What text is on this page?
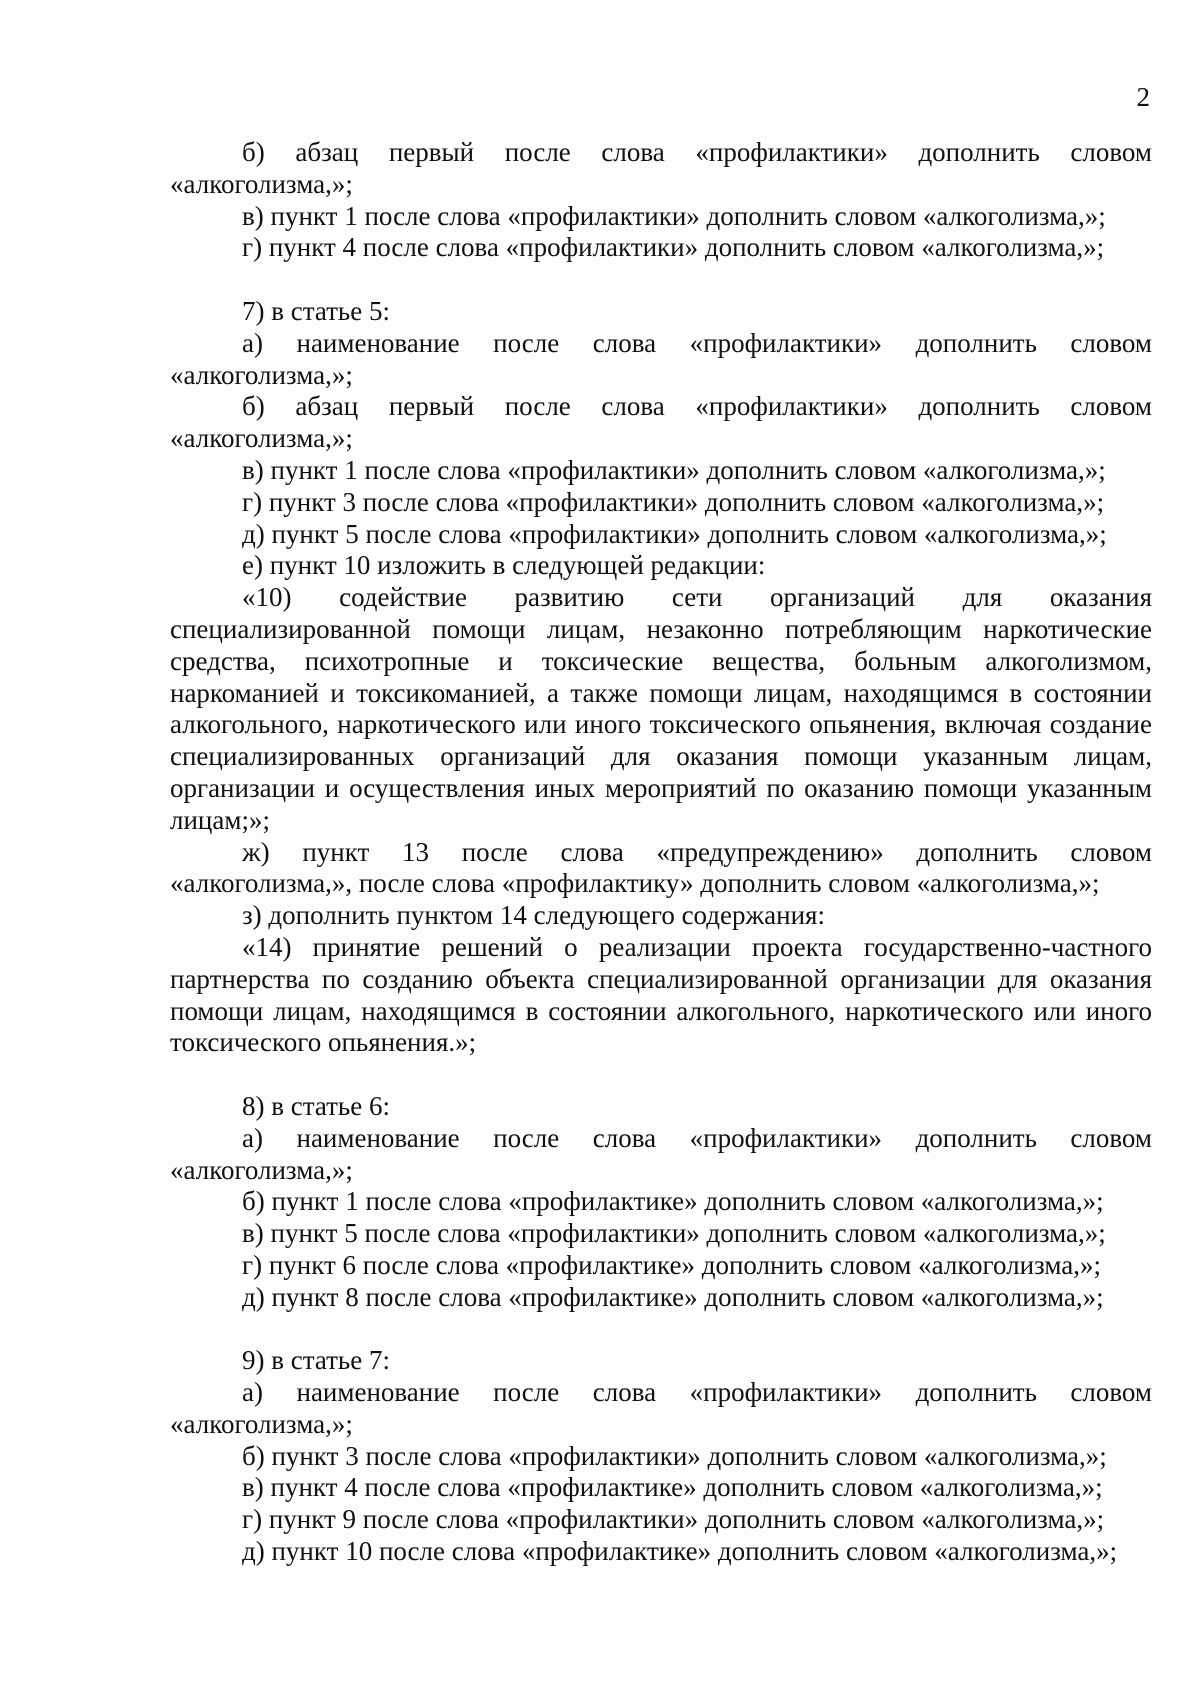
2

б) абзац первый после слова «профилактики» дополнить словом «алкоголизма,»;

в) пункт 1 после слова «профилактики» дополнить словом «алкоголизма,»;

г) пункт 4 после слова «профилактики» дополнить словом «алкоголизма,»;

7) в статье 5:

а) наименование после слова «профилактики» дополнить словом «алкоголизма,»;

б) абзац первый после слова «профилактики» дополнить словом «алкоголизма,»;

в) пункт 1 после слова «профилактики» дополнить словом «алкоголизма,»;

г) пункт 3 после слова «профилактики» дополнить словом «алкоголизма,»;

д) пункт 5 после слова «профилактики» дополнить словом «алкоголизма,»;

е) пункт 10 изложить в следующей редакции:

«10) содействие развитию сети организаций для оказания специализированной помощи лицам, незаконно потребляющим наркотические средства, психотропные и токсические вещества, больным алкоголизмом, наркоманией и токсикоманией, а также помощи лицам, находящимся в состоянии алкогольного, наркотического или иного токсического опьянения, включая создание специализированных организаций для оказания помощи указанным лицам, организации и осуществления иных мероприятий по оказанию помощи указанным лицам;»;

ж) пункт 13 после слова «предупреждению» дополнить словом «алкоголизма,», после слова «профилактику» дополнить словом «алкоголизма,»;

з) дополнить пунктом 14 следующего содержания:

«14) принятие решений о реализации проекта государственно-частного партнерства по созданию объекта специализированной организации для оказания помощи лицам, находящимся в состоянии алкогольного, наркотического или иного токсического опьянения.»;

8) в статье 6:

а) наименование после слова «профилактики» дополнить словом «алкоголизма,»;

б) пункт 1 после слова «профилактике» дополнить словом «алкоголизма,»;

в) пункт 5 после слова «профилактики» дополнить словом «алкоголизма,»;

г) пункт 6 после слова «профилактике» дополнить словом «алкоголизма,»;

д) пункт 8 после слова «профилактике» дополнить словом «алкоголизма,»;

9) в статье 7:

а) наименование после слова «профилактики» дополнить словом «алкоголизма,»;

б) пункт 3 после слова «профилактики» дополнить словом «алкоголизма,»;

в) пункт 4 после слова «профилактике» дополнить словом «алкоголизма,»;

г) пункт 9 после слова «профилактики» дополнить словом «алкоголизма,»;

д) пункт 10 после слова «профилактике» дополнить словом «алкоголизма,»;
